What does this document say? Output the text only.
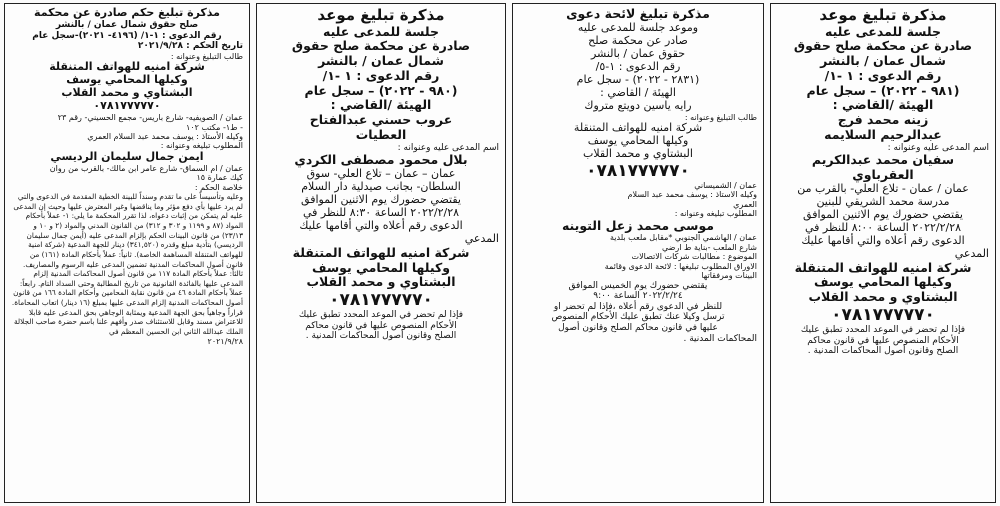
مذكرة تبليغ موعد
جلسة للمدعى عليه
صادرة عن محكمة صلح حقوق
شمال عمان / بالنشر
رقم الدعوى : ١ -١/
(٩٨١ - ٢٠٢٢) – سجل عام
الهيئة /القاضي :
زينه محمد فرج
عبدالرحيم السلايمه
اسم المدعى عليه وعنوانه :
سفيان محمد عبدالكريم
العقرباوي
عمان / عمان - تلاع العلي- بالقرب من
مدرسة محمد الشريقي للبنين
يقتضي حضورك يوم الاثنين الموافق
٢٠٢٢/٢/٢٨ الساعة ٨:٠٠ للنظر في
الدعوى رقم أعلاه والتي أقامها عليك
المدعي
شركة امنيه للهواتف المتنقلة
وكيلها المحامي يوسف
البشتاوي و محمد القلاب
٠٧٨١٧٧٧٧٧٠
فإذا لم تحضر في الموعد المحدد تطبق عليك
الأحكام المنصوص عليها في قانون محاكم
الصلح وقانون أصول المحاكمات المدنية .
مذكرة تبليغ لائحة دعوى
وموعد جلسة للمدعى عليه
صادر عن محكمة صلح
حقوق عمان / بالنشر
رقم الدعوى : ١-٥/
(٢٨٣١ - ٢٠٢٢) - سجل عام
الهيئة / القاضي :
رايه ياسين دويتع متروك
طالب التبليغ وعنوانه :
شركة امنيه للهواتف المتنقلة
وكيلها المحامي يوسف
البشتاوي و محمد القلاب
٠٧٨١٧٧٧٧٧٠
عمان / الشميساني
وكيله الاستاذ : يوسف محمد عبد السلام
العمري
المطلوب تبليغه وعنوانه :
موسى محمد زعل التوينه
عمان / الهاشمي الجنوبي *مقابل ملعب بلدية
شارع الملعب -بناية ط ارضي
الموضوع : مطالبات شركات الاتصالات
الاوراق المطلوب تبليغها : لائحة الدعوى وقائمة
البينات ومرفقاتها
يقتضي حضورك يوم الخميس الموافق
٢٠٢٢/٢/٢٤ الساعة ٩:٠٠
للنظر في الدعوى رقم أعلاه ،فإذا لم تحضر او
ترسل وكيلا عنك تطبق عليك الأحكام المنصوص
عليها في قانون محاكم الصلح وقانون أصول
المحاكمات المدنية .
مذكرة تبليغ موعد
جلسة للمدعى عليه
صادرة عن محكمة صلح حقوق
شمال عمان / بالنشر
رقم الدعوى : ١ -١/
(٩٨٠ - ٢٠٢٢) – سجل عام
الهيئة /القاضي :
عروب حسني عبدالفتاح
العطيات
اسم المدعى عليه وعنوانه :
بلال محمود مصطفى الكردي
عمان – عمان – تلاع العلي- سوق
السلطان- بجانب صيدلية دار السلام
يقتضي حضورك يوم الاثنين الموافق
٢٠٢٢/٢/٢٨ الساعة ٨:٣٠ للنظر في
الدعوى رقم أعلاه والتي أقامها عليك
المدعي
شركة امنيه للهواتف المتنقلة
وكيلها المحامي يوسف
البشتاوي و محمد القلاب
٠٧٨١٧٧٧٧٧٠
فإذا لم تحضر في الموعد المحدد تطبق عليك
الأحكام المنصوص عليها في قانون محاكم
الصلح وقانون أصول المحاكمات المدنية .
مذكرة تبليغ حكم صادرة عن محكمة
صلح حقوق شمال عمان / بالنشر
رقم الدعوى : ١-١/ (٤١٩٦- ٢٠٢١)-سجل عام
تاريخ الحكم : ٢٠٢١/٩/٢٨
طالب التبليغ وعنوانه :
شركة امنيه للهواتف المتنقلة
وكيلها المحامي يوسف
البشتاوي و محمد القلاب
٠٧٨١٧٧٧٧٧٠
عمان / الصويفيه- شارع باريس- مجمع الحسيني- رقم ٢٣
- ط١- مكتب ١٠٢
وكيله الأستاذ : يوسف محمد عبد السلام العمري
المطلوب تبليغه وعنوانه :
ايمن جمال سليمان الرديسي
عمان / ام السماق- شارع عامر ابن مالك- بالقرب من روان
كيك عمارة ١٥
خلاصة الحكم :
وعليه وتأسيساً على ما تقدم وسنداً للبينة الخطية المقدمة في الدعوى والتي لم يرد عليها بأي دفع مؤثر وما يناقضها وغير المعترض عليها وحيث إن المدعى عليه لم يتمكن من إثبات دعواه، لذا تقرر المحكمة ما يلي: ١- عملاً بأحكام المواد (٨٧ و ١١٩٩ و ٣٠٢ و ٣١٢) من القانون المدني والمواد (٢ و ١٠ و ٢٣/١٣) من قانون البينات الحكم بإلزام المدعى عليه (أيمن جمال سليمان الرديسي) بتأدية مبلغ وقدره (٣٤١,٥٢٠) دينار للجهة المدعية (شركة امنية للهواتف المتنقلة المساهمة الخاصة). ثانياً: عملاً بأحكام المادة (١٦١) من قانون أصول المحاكمات المدنية تضمين المدعى عليه الرسوم والمصاريف. ثالثاً: عملاً بأحكام المادة ١١٧ من قانون أصول المحاكمات المدنية إلزام المدعى عليها بالفائدة القانونية من تاريخ المطالبة وحتى السداد التام. رابعاً: عملاً بأحكام المادة ٤٦ من قانون نقابة المحامين وأحكام المادة ١٦٦ من قانون أصول المحاكمات المدنية إلزام المدعى عليها بمبلغ (١٦ دينار) اتعاب المحاماة. قراراً وجاهياً بحق الجهة المدعية ويمثابة الوجاهي بحق المدعى عليه قابلا للاعتراض مسند وقابل للاستئناف صدر وأفهم علنا باسم حضرة صاحب الجلالة الملك عبدالله الثاني ابن الحسين المعظم في
٢٠٢١/٩/٢٨
